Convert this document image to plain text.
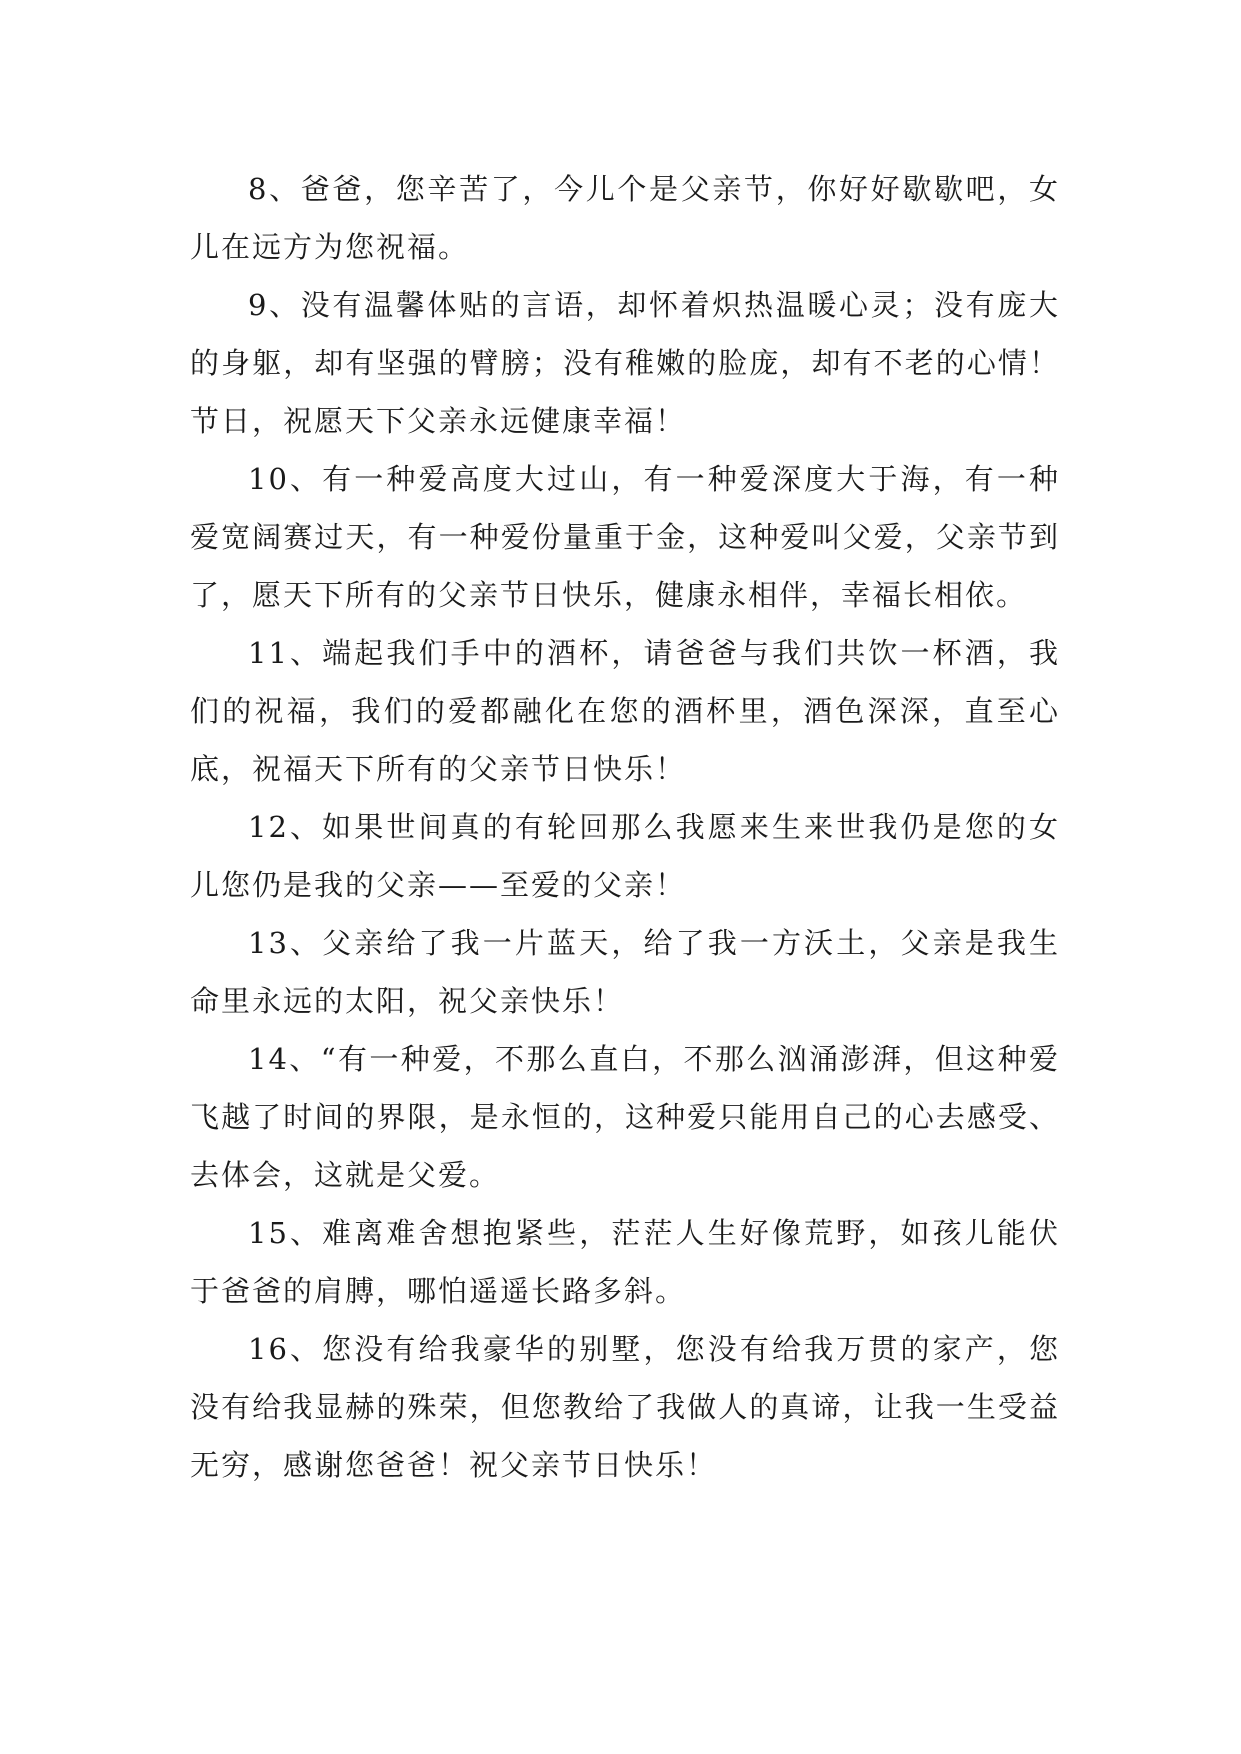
8、爸爸，您辛苦了，今儿个是父亲节，你好好歇歇吧，女儿在远方为您祝福。

9、没有温馨体贴的言语，却怀着炽热温暖心灵；没有庞大的身躯，却有坚强的臂膀；没有稚嫩的脸庞，却有不老的心情！节日，祝愿天下父亲永远健康幸福！

10、有一种爱高度大过山，有一种爱深度大于海，有一种爱宽阔赛过天，有一种爱份量重于金，这种爱叫父爱，父亲节到了，愿天下所有的父亲节日快乐，健康永相伴，幸福长相依。

11、端起我们手中的酒杯，请爸爸与我们共饮一杯酒，我们的祝福，我们的爱都融化在您的酒杯里，酒色深深，直至心底，祝福天下所有的父亲节日快乐！

12、如果世间真的有轮回那么我愿来生来世我仍是您的女儿您仍是我的父亲——至爱的父亲！

13、父亲给了我一片蓝天，给了我一方沃土，父亲是我生命里永远的太阳，祝父亲快乐！

14、“有一种爱，不那么直白，不那么汹涌澎湃，但这种爱飞越了时间的界限，是永恒的，这种爱只能用自己的心去感受、去体会，这就是父爱。

15、难离难舍想抱紧些，茫茫人生好像荒野，如孩儿能伏于爸爸的肩膊，哪怕遥遥长路多斜。

16、您没有给我豪华的别墅，您没有给我万贯的家产，您没有给我显赫的殊荣，但您教给了我做人的真谛，让我一生受益无穷，感谢您爸爸！祝父亲节日快乐！
